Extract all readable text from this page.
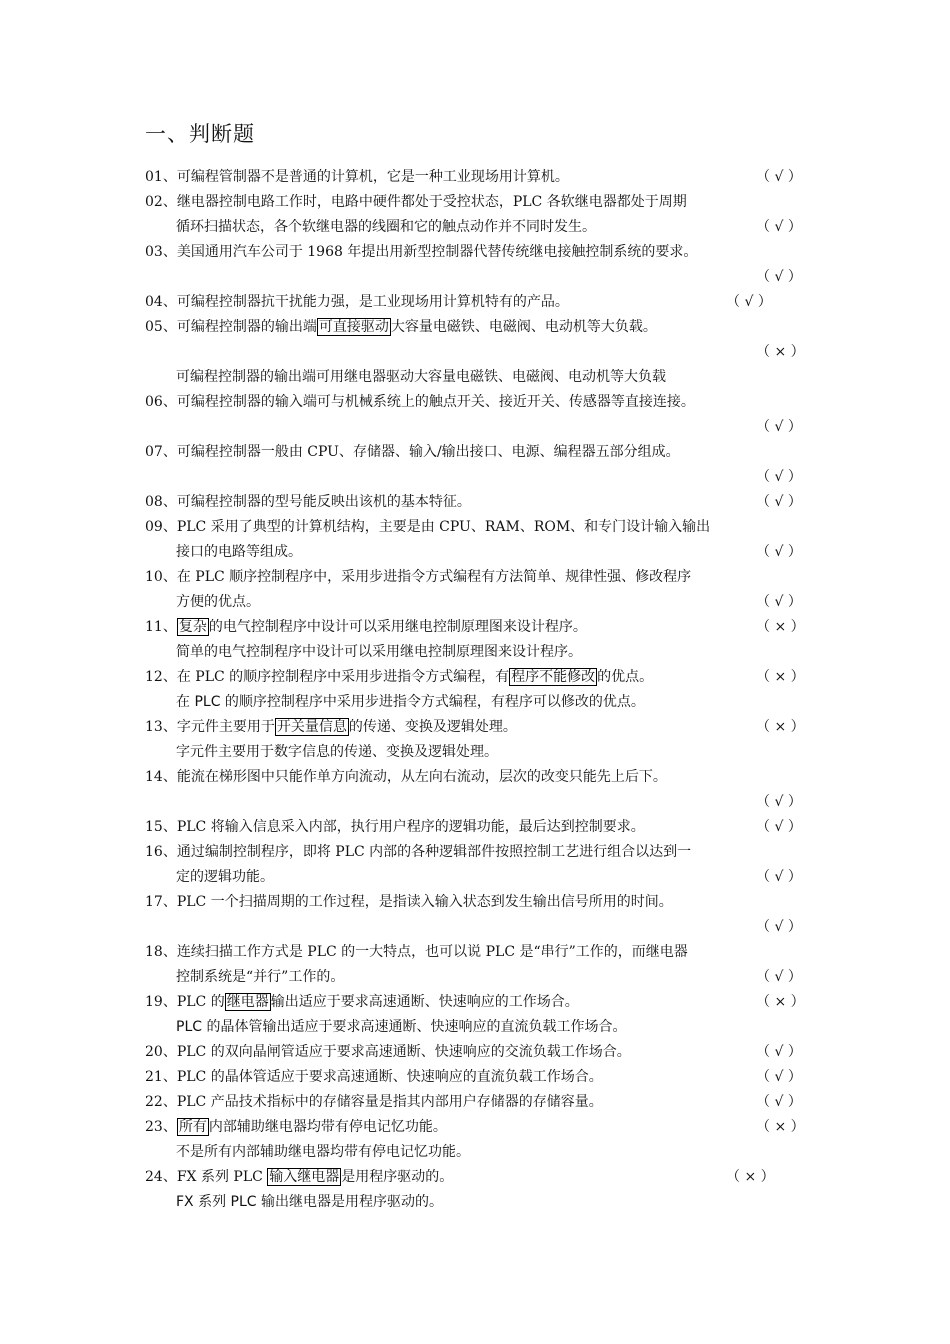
一、判断题
01、可编程管制器不是普通的计算机，它是一种工业现场用计算机。	（ √ ）
02、继电器控制电路工作时，电路中硬件都处于受控状态，PLC 各软继电器都处于周期
循环扫描状态，各个软继电器的线圈和它的触点动作并不同时发生。	（ √ ）
03、美国通用汽车公司于 1968 年提出用新型控制器代替传统继电接触控制系统的要求。
（ √ ）
04、可编程控制器抗干扰能力强，是工业现场用计算机特有的产品。	（ √ ）
05、可编程控制器的输出端 可直接驱动 大容量电磁铁、电磁阀、电动机等大负载。
（ × ）
可编程控制器的输出端可用继电器驱动大容量电磁铁、电磁阀、电动机等大负载
06、可编程控制器的输入端可与机械系统上的触点开关、接近开关、传感器等直接连接。
（ √ ）
07、可编程控制器一般由 CPU、存储器、输入/输出接口、电源、编程器五部分组成。
（ √ ）
08、可编程控制器的型号能反映出该机的基本特征。	（ √ ）
09、PLC 采用了典型的计算机结构，主要是由 CPU、RAM、ROM、和专门设计输入输出
接口的电路等组成。	（ √ ）
10、在 PLC 顺序控制程序中，采用步进指令方式编程有方法简单、规律性强、修改程序
方便的优点。	（ √ ）
11、 复杂 的电气控制程序中设计可以采用继电控制原理图来设计程序。	（ × ）
简单的电气控制程序中设计可以采用继电控制原理图来设计程序。
12、在 PLC 的顺序控制程序中采用步进指令方式编程，有 程序不能修改 的优点。	（ × ）
在 PLC 的顺序控制程序中采用步进指令方式编程，有程序可以修改的优点。
13、字元件主要用于 开关量信息 的传递、变换及逻辑处理。	（ × ）
字元件主要用于数字信息的传递、变换及逻辑处理。
14、能流在梯形图中只能作单方向流动，从左向右流动，层次的改变只能先上后下。
（ √ ）
15、PLC 将输入信息采入内部，执行用户程序的逻辑功能，最后达到控制要求。	（ √ ）
16、通过编制控制程序，即将 PLC 内部的各种逻辑部件按照控制工艺进行组合以达到一
定的逻辑功能。	（ √ ）
17、PLC 一个扫描周期的工作过程，是指读入输入状态到发生输出信号所用的时间。
（ √ ）
18、连续扫描工作方式是 PLC 的一大特点，也可以说 PLC 是“串行”工作的，而继电器
控制系统是“并行”工作的。	（ √ ）
19、PLC 的 继电器 输出适应于要求高速通断、快速响应的工作场合。	（ × ）
PLC 的晶体管输出适应于要求高速通断、快速响应的直流负载工作场合。
20、PLC 的双向晶闸管适应于要求高速通断、快速响应的交流负载工作场合。	（ √ ）
21、PLC 的晶体管适应于要求高速通断、快速响应的直流负载工作场合。	（ √ ）
22、PLC 产品技术指标中的存储容量是指其内部用户存储器的存储容量。	（ √ ）
23、 所有 内部辅助继电器均带有停电记忆功能。	（ × ）
不是所有内部辅助继电器均带有停电记忆功能。
24、FX 系列 PLC 输入继电器 是用程序驱动的。	（ × ）
FX 系列 PLC 输出继电器是用程序驱动的。
